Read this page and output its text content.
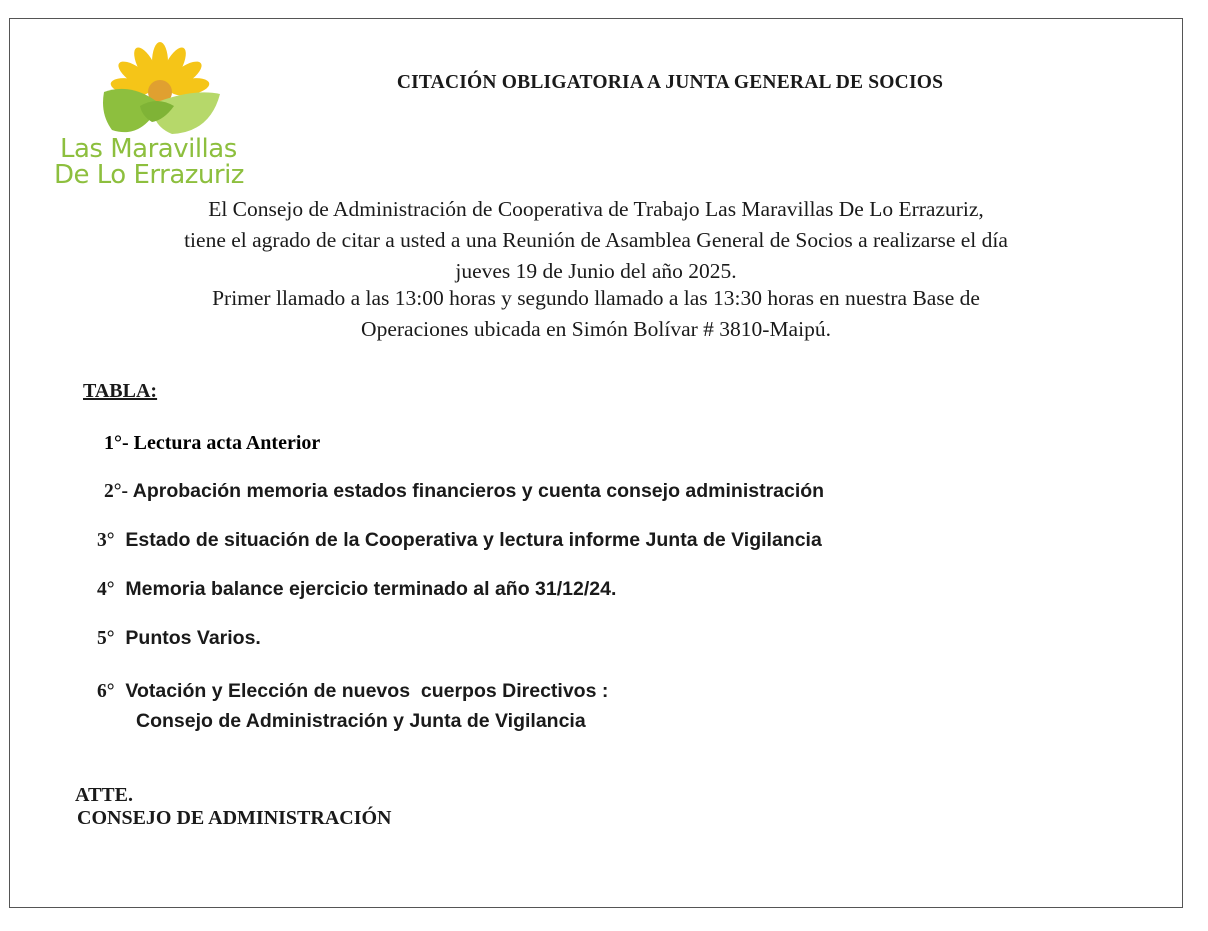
Las Maravillas
De Lo Errazuriz
CITACIÓN OBLIGATORIA A JUNTA GENERAL DE SOCIOS
El Consejo de Administración de Cooperativa de Trabajo Las Maravillas De Lo Errazuriz,
tiene el agrado de citar a usted a una Reunión de Asamblea General de Socios a realizarse el día
jueves 19 de Junio del año 2025.
Primer llamado a las 13:00 horas y segundo llamado a las 13:30 horas en nuestra Base de
Operaciones ubicada en Simón Bolívar # 3810-Maipú.
TABLA:
1°- Lectura acta Anterior
2°- Aprobación memoria estados financieros y cuenta consejo administración
3°  Estado de situación de la Cooperativa y lectura informe Junta de Vigilancia
4°  Memoria balance ejercicio terminado al año 31/12/24.
5°  Puntos Varios.
6°  Votación y Elección de nuevos  cuerpos Directivos :
Consejo de Administración y Junta de Vigilancia
ATTE.
CONSEJO DE ADMINISTRACIÓN
